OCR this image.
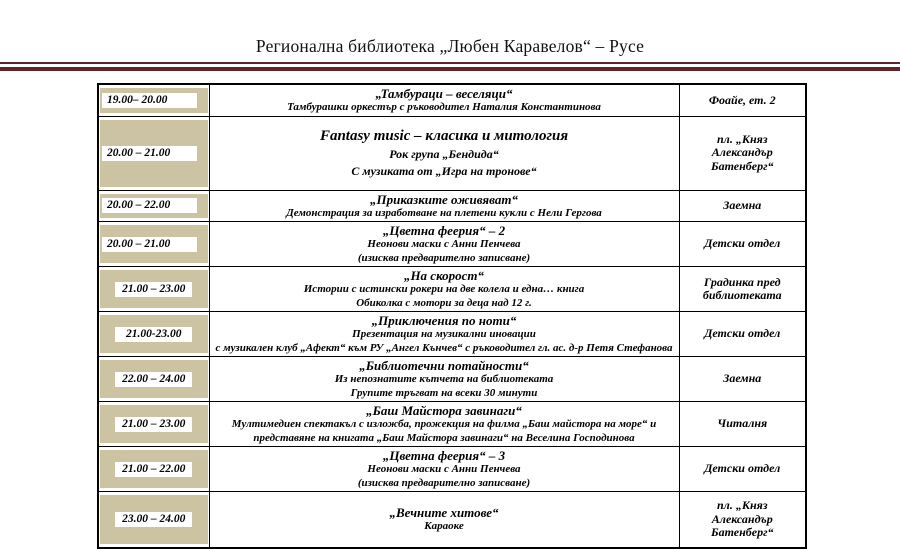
Регионална библиотека „Любен Каравелов“ – Русе
19.00– 20.00	„Тамбураци – веселяци“
Тамбурашки оркестър с ръководител Наталия Константинова	Фоайе, ет. 2

20.00 – 21.00	Fantasy music – класика и митология
Рок група „Бендида“
С музиката от „Игра на тронове“	пл. „Княз Александър Батенберг“

20.00 – 22.00	„Приказките оживяват“
Демонстрация за изработване на плетени кукли с Нели Гергова	Заемна

20.00 – 21.00	„Цветна феерия“ – 2
Неонови маски с Анни Пенчева
(изисква предварително записване)	Детски отдел

21.00 – 23.00	„На скорост“
Истории с истински рокери на две колела и една… книга
Обиколка с мотори за деца над 12 г.	Градинка пред библиотеката

21.00-23.00	„Приключения по ноти“
Презентация на музикални иновации
с музикален клуб „Афект“ към РУ „Ангел Кънчев“ с ръководител гл. ас. д-р Петя Стефанова	Детски отдел

22.00 – 24.00	„Библиотечни потайности“
Из непознатите кътчета на библиотеката
Групите тръгват на всеки 30 минути	Заемна

21.00 – 23.00	„Баш Майстора завинаги“
Мултимедиен спектакъл с изложба, прожекция на филма „Баш майстора на море“ и представяне на книгата „Баш Майстора завинаги“ на Веселина Господинова	Читалня

21.00 – 22.00	„Цветна феерия“ – 3
Неонови маски с Анни Пенчева
(изисква предварително записване)	Детски отдел

23.00 – 24.00	„Вечните хитове“
Караоке	пл. „Княз Александър Батенберг“
